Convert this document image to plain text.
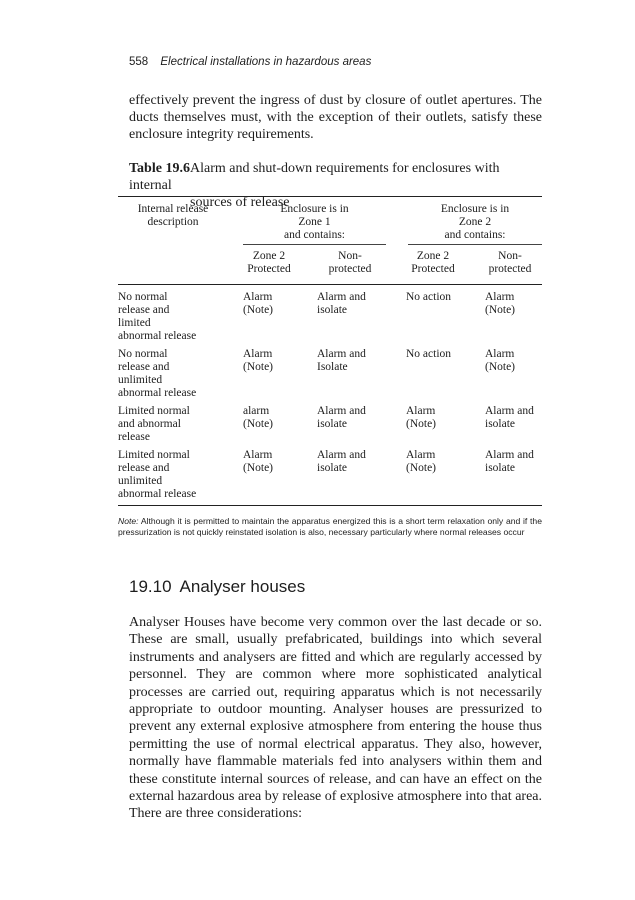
558 Electrical installations in hazardous areas

effectively prevent the ingress of dust by closure of outlet apertures. The ducts themselves must, with the exception of their outlets, satisfy these enclosure integrity requirements.

Table 19.6Alarm and shut-down requirements for enclosures with internal
sources of release
Internal release
description
Enclosure is in
Zone 1
and contains:
Enclosure is in
Zone 2
and contains:
Zone 2
Protected
Non-
protected
Zone 2
Protected
Non-
protected
No normal
release and
limited
abnormal release
Alarm
(Note)
Alarm and
isolate
No action	Alarm
(Note)
No normal
release and
unlimited
abnormal release
Alarm
(Note)
Alarm and
Isolate
No action	Alarm
(Note)
Limited normal
and abnormal
release
alarm
(Note)
Alarm and
isolate
Alarm
(Note)
Alarm and
isolate
Limited normal
release and
unlimited
abnormal release
Alarm
(Note)
Alarm and
isolate
Alarm
(Note)
Alarm and
isolate
Note: Although it is permitted to maintain the apparatus energized this is a short term relaxation only and if the pressurization is not quickly reinstated isolation is also, necessary particularly where normal releases occur
19.10 Analyser houses

Analyser Houses have become very common over the last decade or so. These are small, usually prefabricated, buildings into which several instruments and analysers are fitted and which are regularly accessed by personnel. They are common where more sophisticated analytical processes are carried out, requiring apparatus which is not necessarily appropriate to outdoor mounting. Analyser houses are pressurized to prevent any external explosive atmosphere from entering the house thus permitting the use of normal electrical apparatus. They also, however, normally have flammable materials fed into analysers within them and these constitute internal sources of release, and can have an effect on the external hazardous area by release of explosive atmosphere into that area. There are three considerations:
